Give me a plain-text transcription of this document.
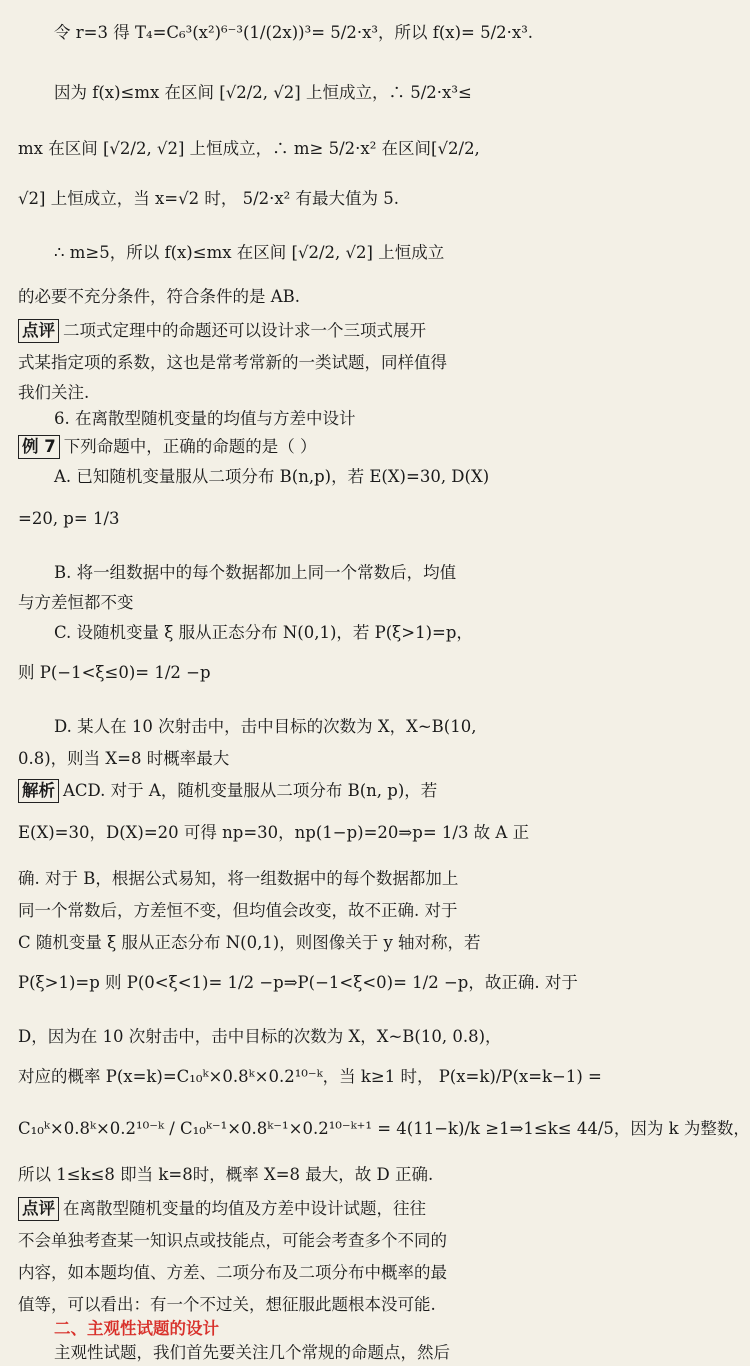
令 r=3 得 T₄=C₆³(x²)⁶⁻³(1/(2x))³= 5/2·x³，所以 f(x)= 5/2·x³.
因为 f(x)≤mx 在区间 [√2/2, √2] 上恒成立，∴ 5/2·x³≤
mx 在区间 [√2/2, √2] 上恒成立，∴ m≥ 5/2·x² 在区间[√2/2,
√2] 上恒成立，当 x=√2 时， 5/2·x² 有最大值为 5.
∴ m≥5，所以 f(x)≤mx 在区间 [√2/2, √2] 上恒成立
的必要不充分条件，符合条件的是 AB.
点评 二项式定理中的命题还可以设计求一个三项式展开
式某指定项的系数，这也是常考常新的一类试题，同样值得
我们关注.
6. 在离散型随机变量的均值与方差中设计
例 7 下列命题中，正确的命题的是（ ）
A. 已知随机变量服从二项分布 B(n,p)，若 E(X)=30, D(X)
=20, p= 1/3
B. 将一组数据中的每个数据都加上同一个常数后，均值
与方差恒都不变
C. 设随机变量 ξ 服从正态分布 N(0,1)，若 P(ξ>1)=p，
则 P(−1<ξ≤0)= 1/2 −p
D. 某人在 10 次射击中，击中目标的次数为 X，X~B(10,
0.8)，则当 X=8 时概率最大
解析 ACD. 对于 A，随机变量服从二项分布 B(n, p)，若
E(X)=30，D(X)=20 可得 np=30，np(1−p)=20⇒p= 1/3 故 A 正
确. 对于 B，根据公式易知，将一组数据中的每个数据都加上
同一个常数后，方差恒不变，但均值会改变，故不正确. 对于
C 随机变量 ξ 服从正态分布 N(0,1)，则图像关于 y 轴对称，若
P(ξ>1)=p 则 P(0<ξ<1)= 1/2 −p⇒P(−1<ξ<0)= 1/2 −p，故正确. 对于
D，因为在 10 次射击中，击中目标的次数为 X，X~B(10, 0.8)，
对应的概率 P(x=k)=C₁₀ᵏ×0.8ᵏ×0.2¹⁰⁻ᵏ，当 k≥1 时， P(x=k)/P(x=k−1) =
C₁₀ᵏ×0.8ᵏ×0.2¹⁰⁻ᵏ / C₁₀ᵏ⁻¹×0.8ᵏ⁻¹×0.2¹⁰⁻ᵏ⁺¹ = 4(11−k)/k ≥1⇒1≤k≤ 44/5，因为 k 为整数，
所以 1≤k≤8 即当 k=8时，概率 X=8 最大，故 D 正确.
点评 在离散型随机变量的均值及方差中设计试题，往往
不会单独考查某一知识点或技能点，可能会考查多个不同的
内容，如本题均值、方差、二项分布及二项分布中概率的最
值等，可以看出：有一个不过关，想征服此题根本没可能.
二、主观性试题的设计
主观性试题，我们首先要关注几个常规的命题点，然后
